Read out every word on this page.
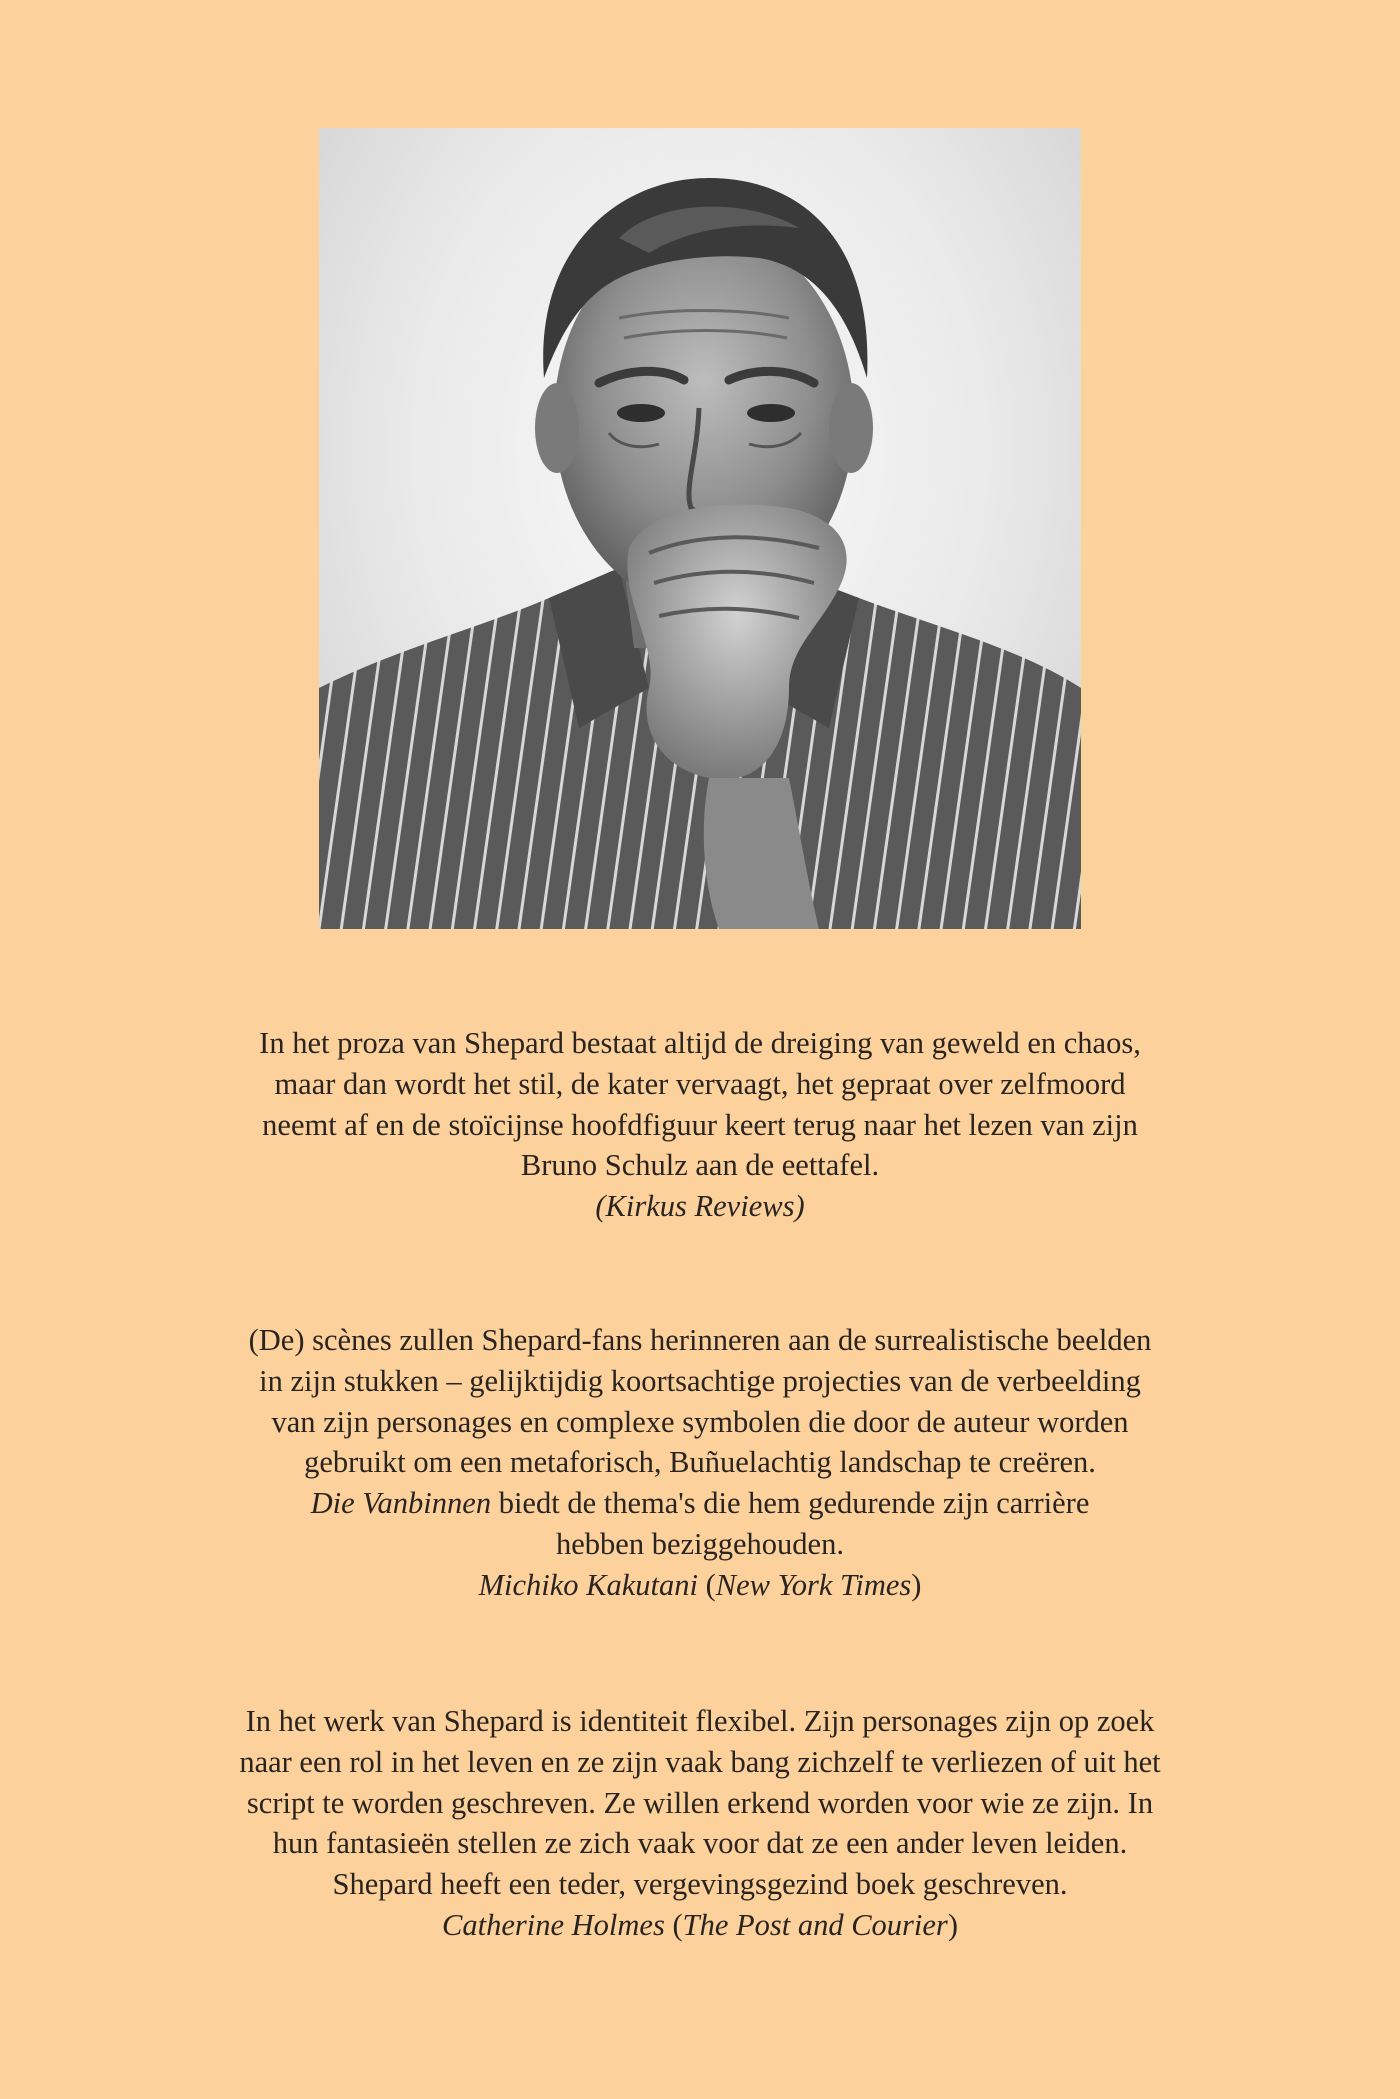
In het proza van Shepard bestaat altijd de dreiging van geweld en chaos,
maar dan wordt het stil, de kater vervaagt, het gepraat over zelfmoord
neemt af en de stoïcijnse hoofdfiguur keert terug naar het lezen van zijn
Bruno Schulz aan de eettafel.
(Kirkus Reviews)

(De) scènes zullen Shepard-fans herinneren aan de surrealistische beelden
in zijn stukken – gelijktijdig koortsachtige projecties van de verbeelding
van zijn personages en complexe symbolen die door de auteur worden
gebruikt om een metaforisch, Buñuelachtig landschap te creëren.
Die Vanbinnen biedt de thema's die hem gedurende zijn carrière
hebben beziggehouden.
Michiko Kakutani (New York Times)

In het werk van Shepard is identiteit flexibel. Zijn personages zijn op zoek
naar een rol in het leven en ze zijn vaak bang zichzelf te verliezen of uit het
script te worden geschreven. Ze willen erkend worden voor wie ze zijn. In
hun fantasieën stellen ze zich vaak voor dat ze een ander leven leiden.
Shepard heeft een teder, vergevingsgezind boek geschreven.
Catherine Holmes (The Post and Courier)
